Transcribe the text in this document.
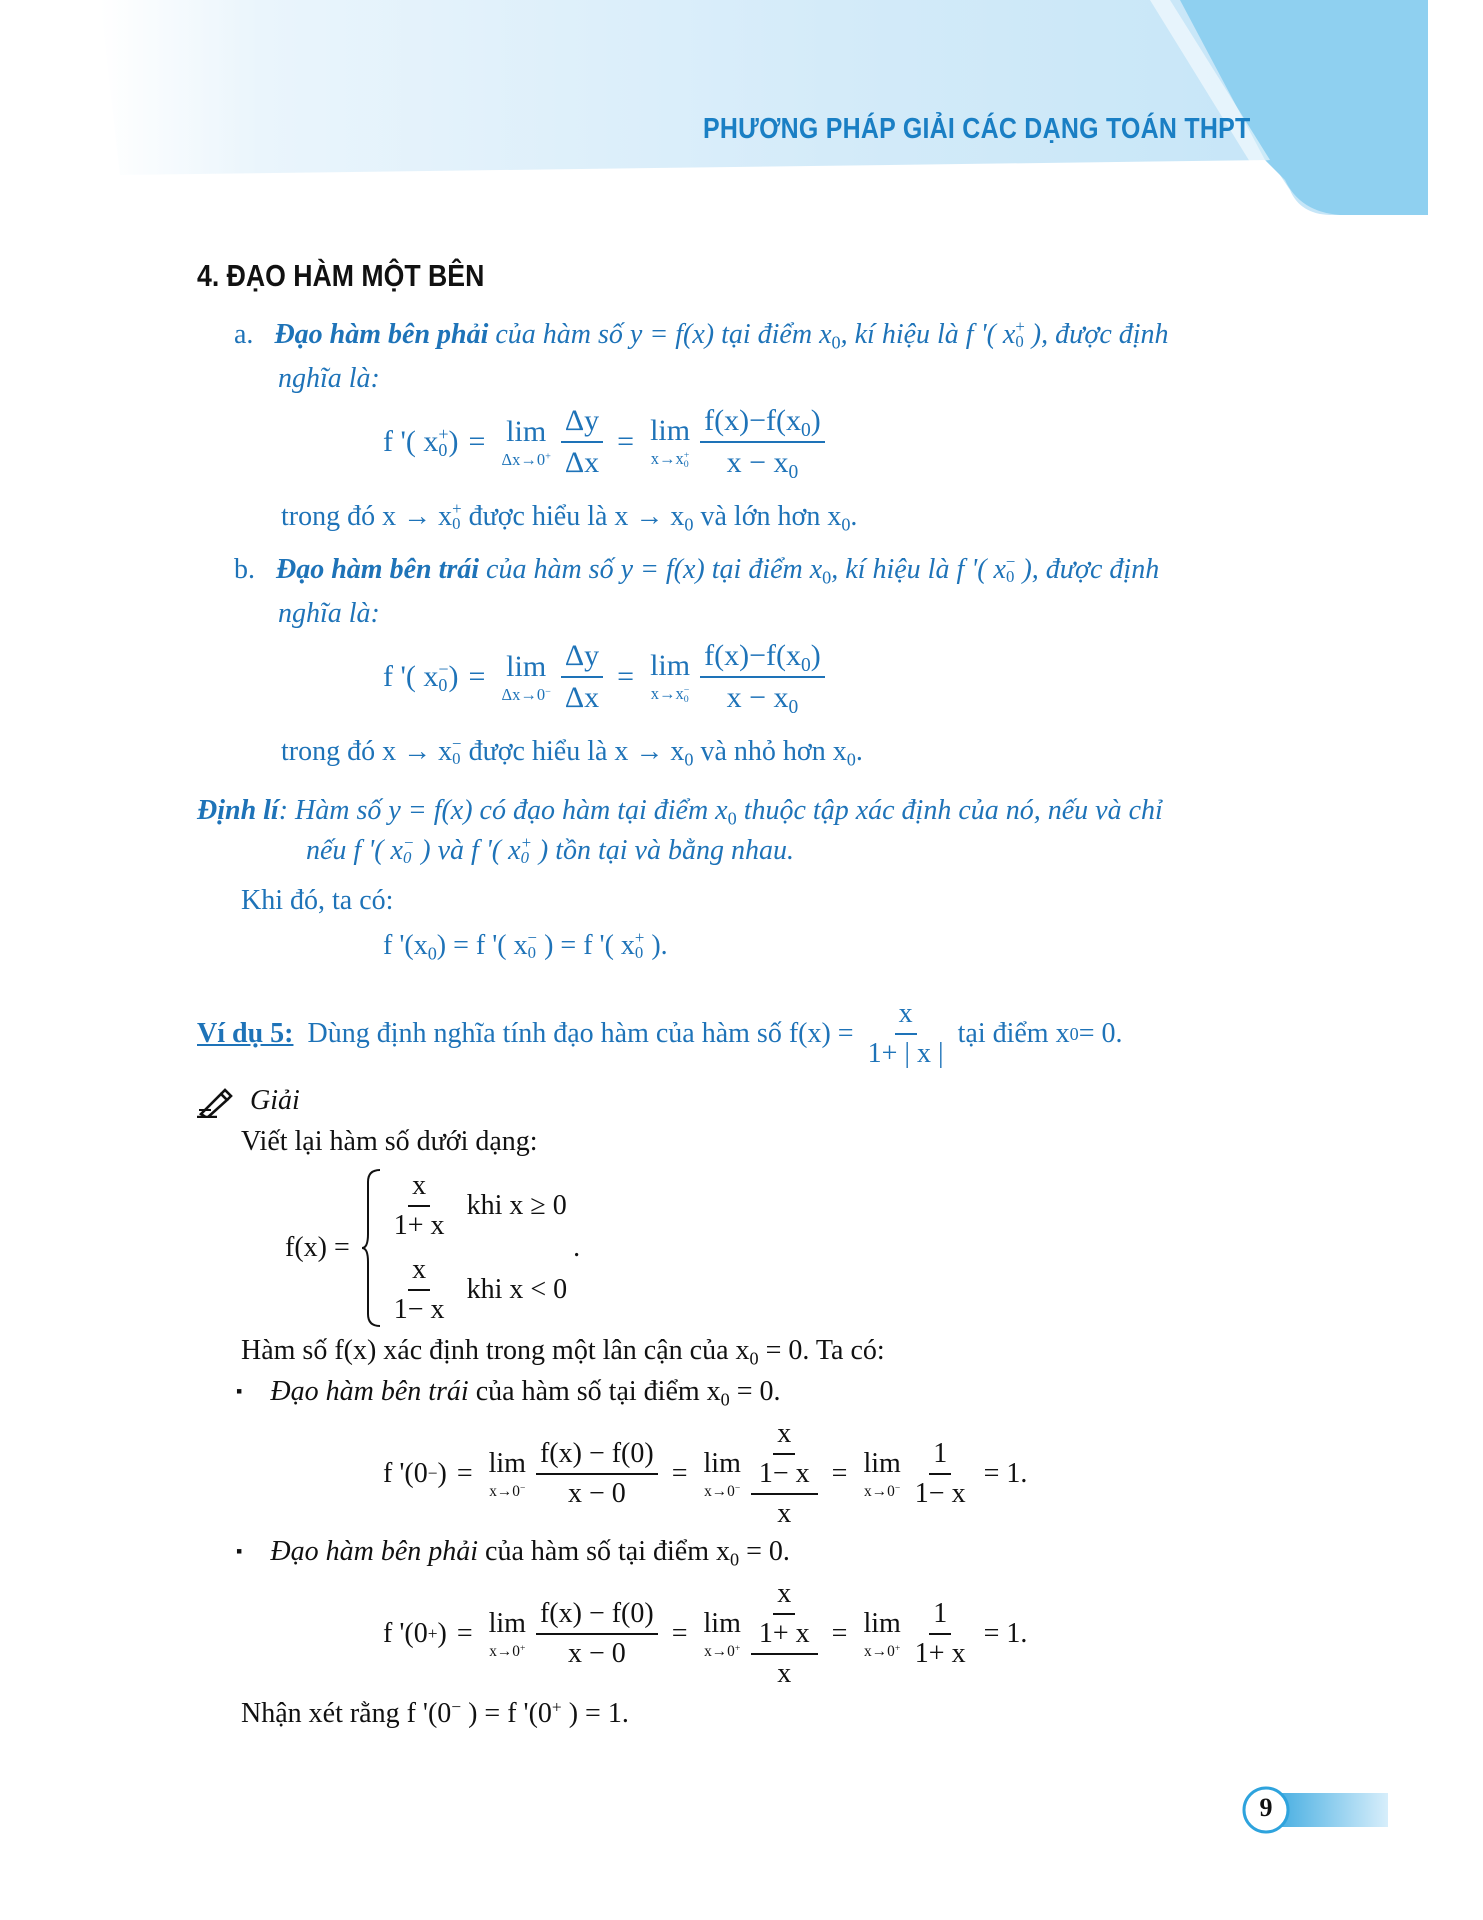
PHƯƠNG PHÁP GIẢI CÁC DẠNG TOÁN THPT
4. ĐẠO HÀM MỘT BÊN
a. Đạo hàm bên phải của hàm số y = f(x) tại điểm $x_0$, kí hiệu là f '( x +
0 ), được định
nghĩa là:
f '( x +
0 ) = lim
$\Delta x\to 0^+ \frac{\Delta y}{\Delta x} = \lim$
x→x +
$0 \frac{f(x)-f(x_0)}{x - x_0}$
trong đó x → x +
0 được hiểu là $x \to x_0$ và lớn hơn $x_0$.
b. Đạo hàm bên trái của hàm số y = f(x) tại điểm $x_0$, kí hiệu là f '( x −
0 ), được định
nghĩa là:
f '( x −
0 ) = lim
$\Delta x\to 0^- \frac{\Delta y}{\Delta x} = \lim$
x→x −
$0 \frac{f(x)-f(x_0)}{x - x_0}$
trong đó x → x −
0 được hiểu là $x \to x_0$ và nhỏ hơn $x_0$.
Định lí: Hàm số y = f(x) có đạo hàm tại điểm $x_0$ thuộc tập xác định của nó, nếu và chỉ
nếu f '( x −
0 ) và f '( x +
0 ) tồn tại và bằng nhau.
Khi đó, ta có:
f '$(x_0) = f$ '( x −
0 ) = f '( x +
0 ).
Ví dụ 5: Dùng định nghĩa tính đạo hàm của hàm số $f(x) = \frac{x}{1+ | x |}$ tại điểm x 0 = 0.
Giải
Viết lại hàm số dưới dạng:
f(x) =
$\frac{x}{1+ x}$ khi x ≥ 0
$\frac{x}{1- x}$ khi x < 0
.
Hàm số f(x) xác định trong một lân cận của $x_0 = 0$. Ta có:
▪ Đạo hàm bên trái của hàm số tại điểm $x_0 = 0$.
f '(0 − ) = lim
$x\to 0^- \frac{f(x) - f(0)}{x - 0} = \lim$
$x\to 0^- \frac{\frac{x}{1- x}}{x} = \lim$
$x\to 0^- \frac{1}{1- x} = 1$.
▪ Đạo hàm bên phải của hàm số tại điểm $x_0 = 0$.
f '(0 + ) = lim
$x\to 0^+ \frac{f(x) - f(0)}{x - 0} = \lim$
$x\to 0^+ \frac{\frac{x}{1+ x}}{x} = \lim$
$x\to 0^+ \frac{1}{1+ x} = 1$.
Nhận xét rằng f '(0− ) = f '(0+ ) = 1.
9
